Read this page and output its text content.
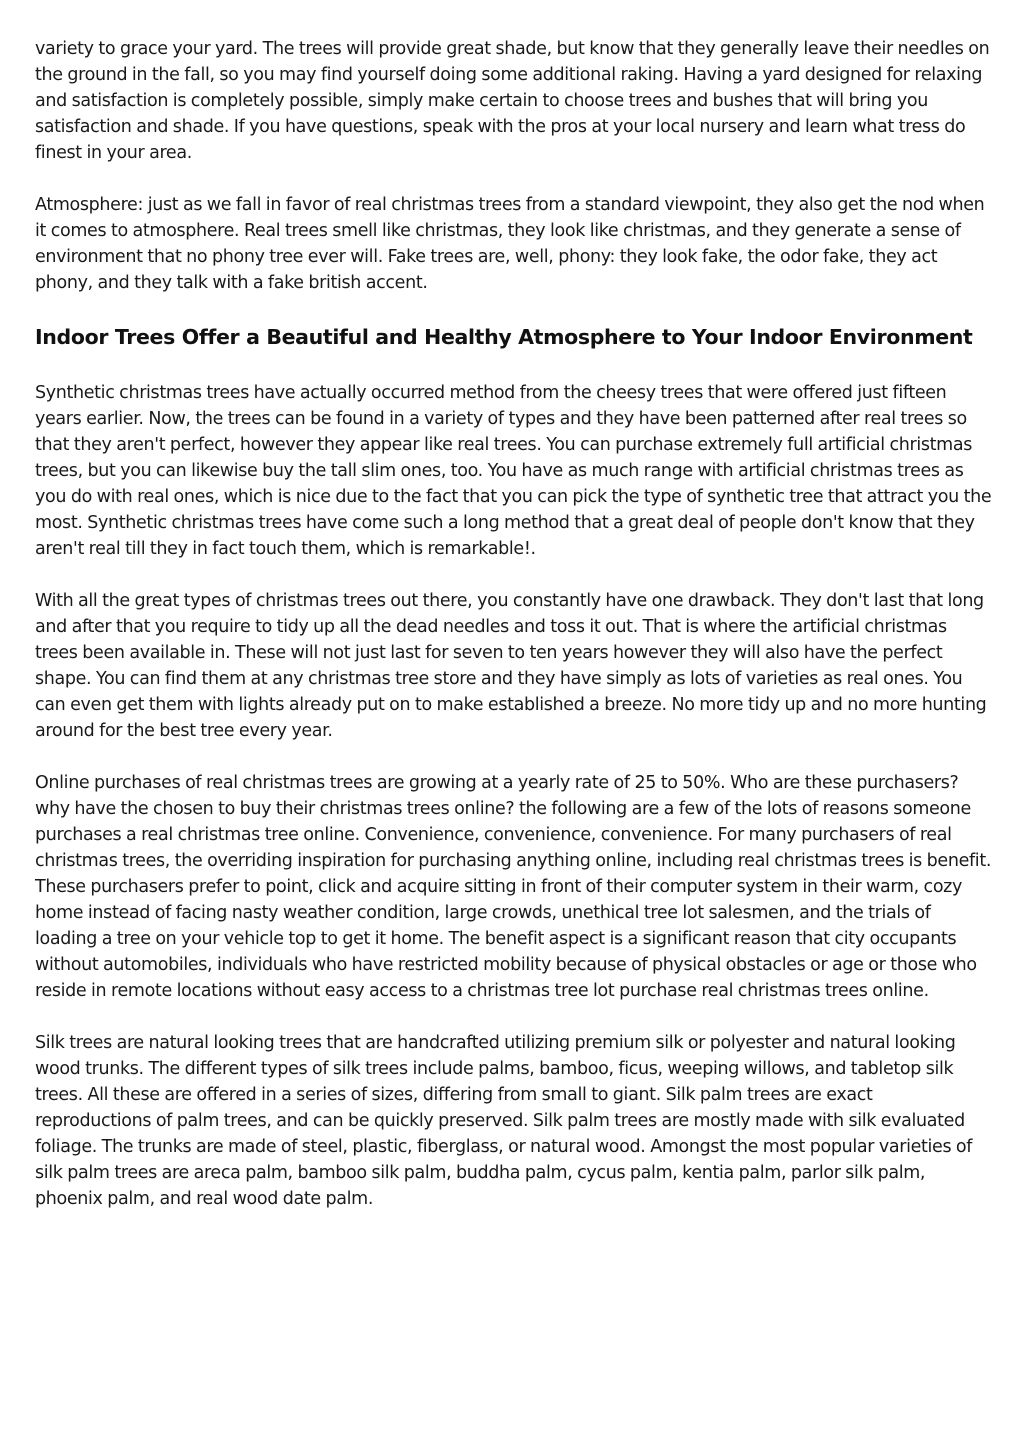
variety to grace your yard. The trees will provide great shade, but know that they generally leave their needles on the ground in the fall, so you may find yourself doing some additional raking. Having a yard designed for relaxing and satisfaction is completely possible, simply make certain to choose trees and bushes that will bring you satisfaction and shade. If you have questions, speak with the pros at your local nursery and learn what tress do finest in your area.

Atmosphere: just as we fall in favor of real christmas trees from a standard viewpoint, they also get the nod when it comes to atmosphere. Real trees smell like christmas, they look like christmas, and they generate a sense of environment that no phony tree ever will. Fake trees are, well, phony: they look fake, the odor fake, they act phony, and they talk with a fake british accent.

Indoor Trees Offer a Beautiful and Healthy Atmosphere to Your Indoor Environment

Synthetic christmas trees have actually occurred method from the cheesy trees that were offered just fifteen years earlier. Now, the trees can be found in a variety of types and they have been patterned after real trees so that they aren't perfect, however they appear like real trees. You can purchase extremely full artificial christmas trees, but you can likewise buy the tall slim ones, too. You have as much range with artificial christmas trees as you do with real ones, which is nice due to the fact that you can pick the type of synthetic tree that attract you the most. Synthetic christmas trees have come such a long method that a great deal of people don't know that they aren't real till they in fact touch them, which is remarkable!.

With all the great types of christmas trees out there, you constantly have one drawback. They don't last that long and after that you require to tidy up all the dead needles and toss it out. That is where the artificial christmas trees been available in. These will not just last for seven to ten years however they will also have the perfect shape. You can find them at any christmas tree store and they have simply as lots of varieties as real ones. You can even get them with lights already put on to make established a breeze. No more tidy up and no more hunting around for the best tree every year.

Online purchases of real christmas trees are growing at a yearly rate of 25 to 50%. Who are these purchasers? why have the chosen to buy their christmas trees online? the following are a few of the lots of reasons someone purchases a real christmas tree online. Convenience, convenience, convenience. For many purchasers of real christmas trees, the overriding inspiration for purchasing anything online, including real christmas trees is benefit. These purchasers prefer to point, click and acquire sitting in front of their computer system in their warm, cozy home instead of facing nasty weather condition, large crowds, unethical tree lot salesmen, and the trials of loading a tree on your vehicle top to get it home. The benefit aspect is a significant reason that city occupants without automobiles, individuals who have restricted mobility because of physical obstacles or age or those who reside in remote locations without easy access to a christmas tree lot purchase real christmas trees online.

Silk trees are natural looking trees that are handcrafted utilizing premium silk or polyester and natural looking wood trunks. The different types of silk trees include palms, bamboo, ficus, weeping willows, and tabletop silk trees. All these are offered in a series of sizes, differing from small to giant. Silk palm trees are exact reproductions of palm trees, and can be quickly preserved. Silk palm trees are mostly made with silk evaluated foliage. The trunks are made of steel, plastic, fiberglass, or natural wood. Amongst the most popular varieties of silk palm trees are areca palm, bamboo silk palm, buddha palm, cycus palm, kentia palm, parlor silk palm, phoenix palm, and real wood date palm.
